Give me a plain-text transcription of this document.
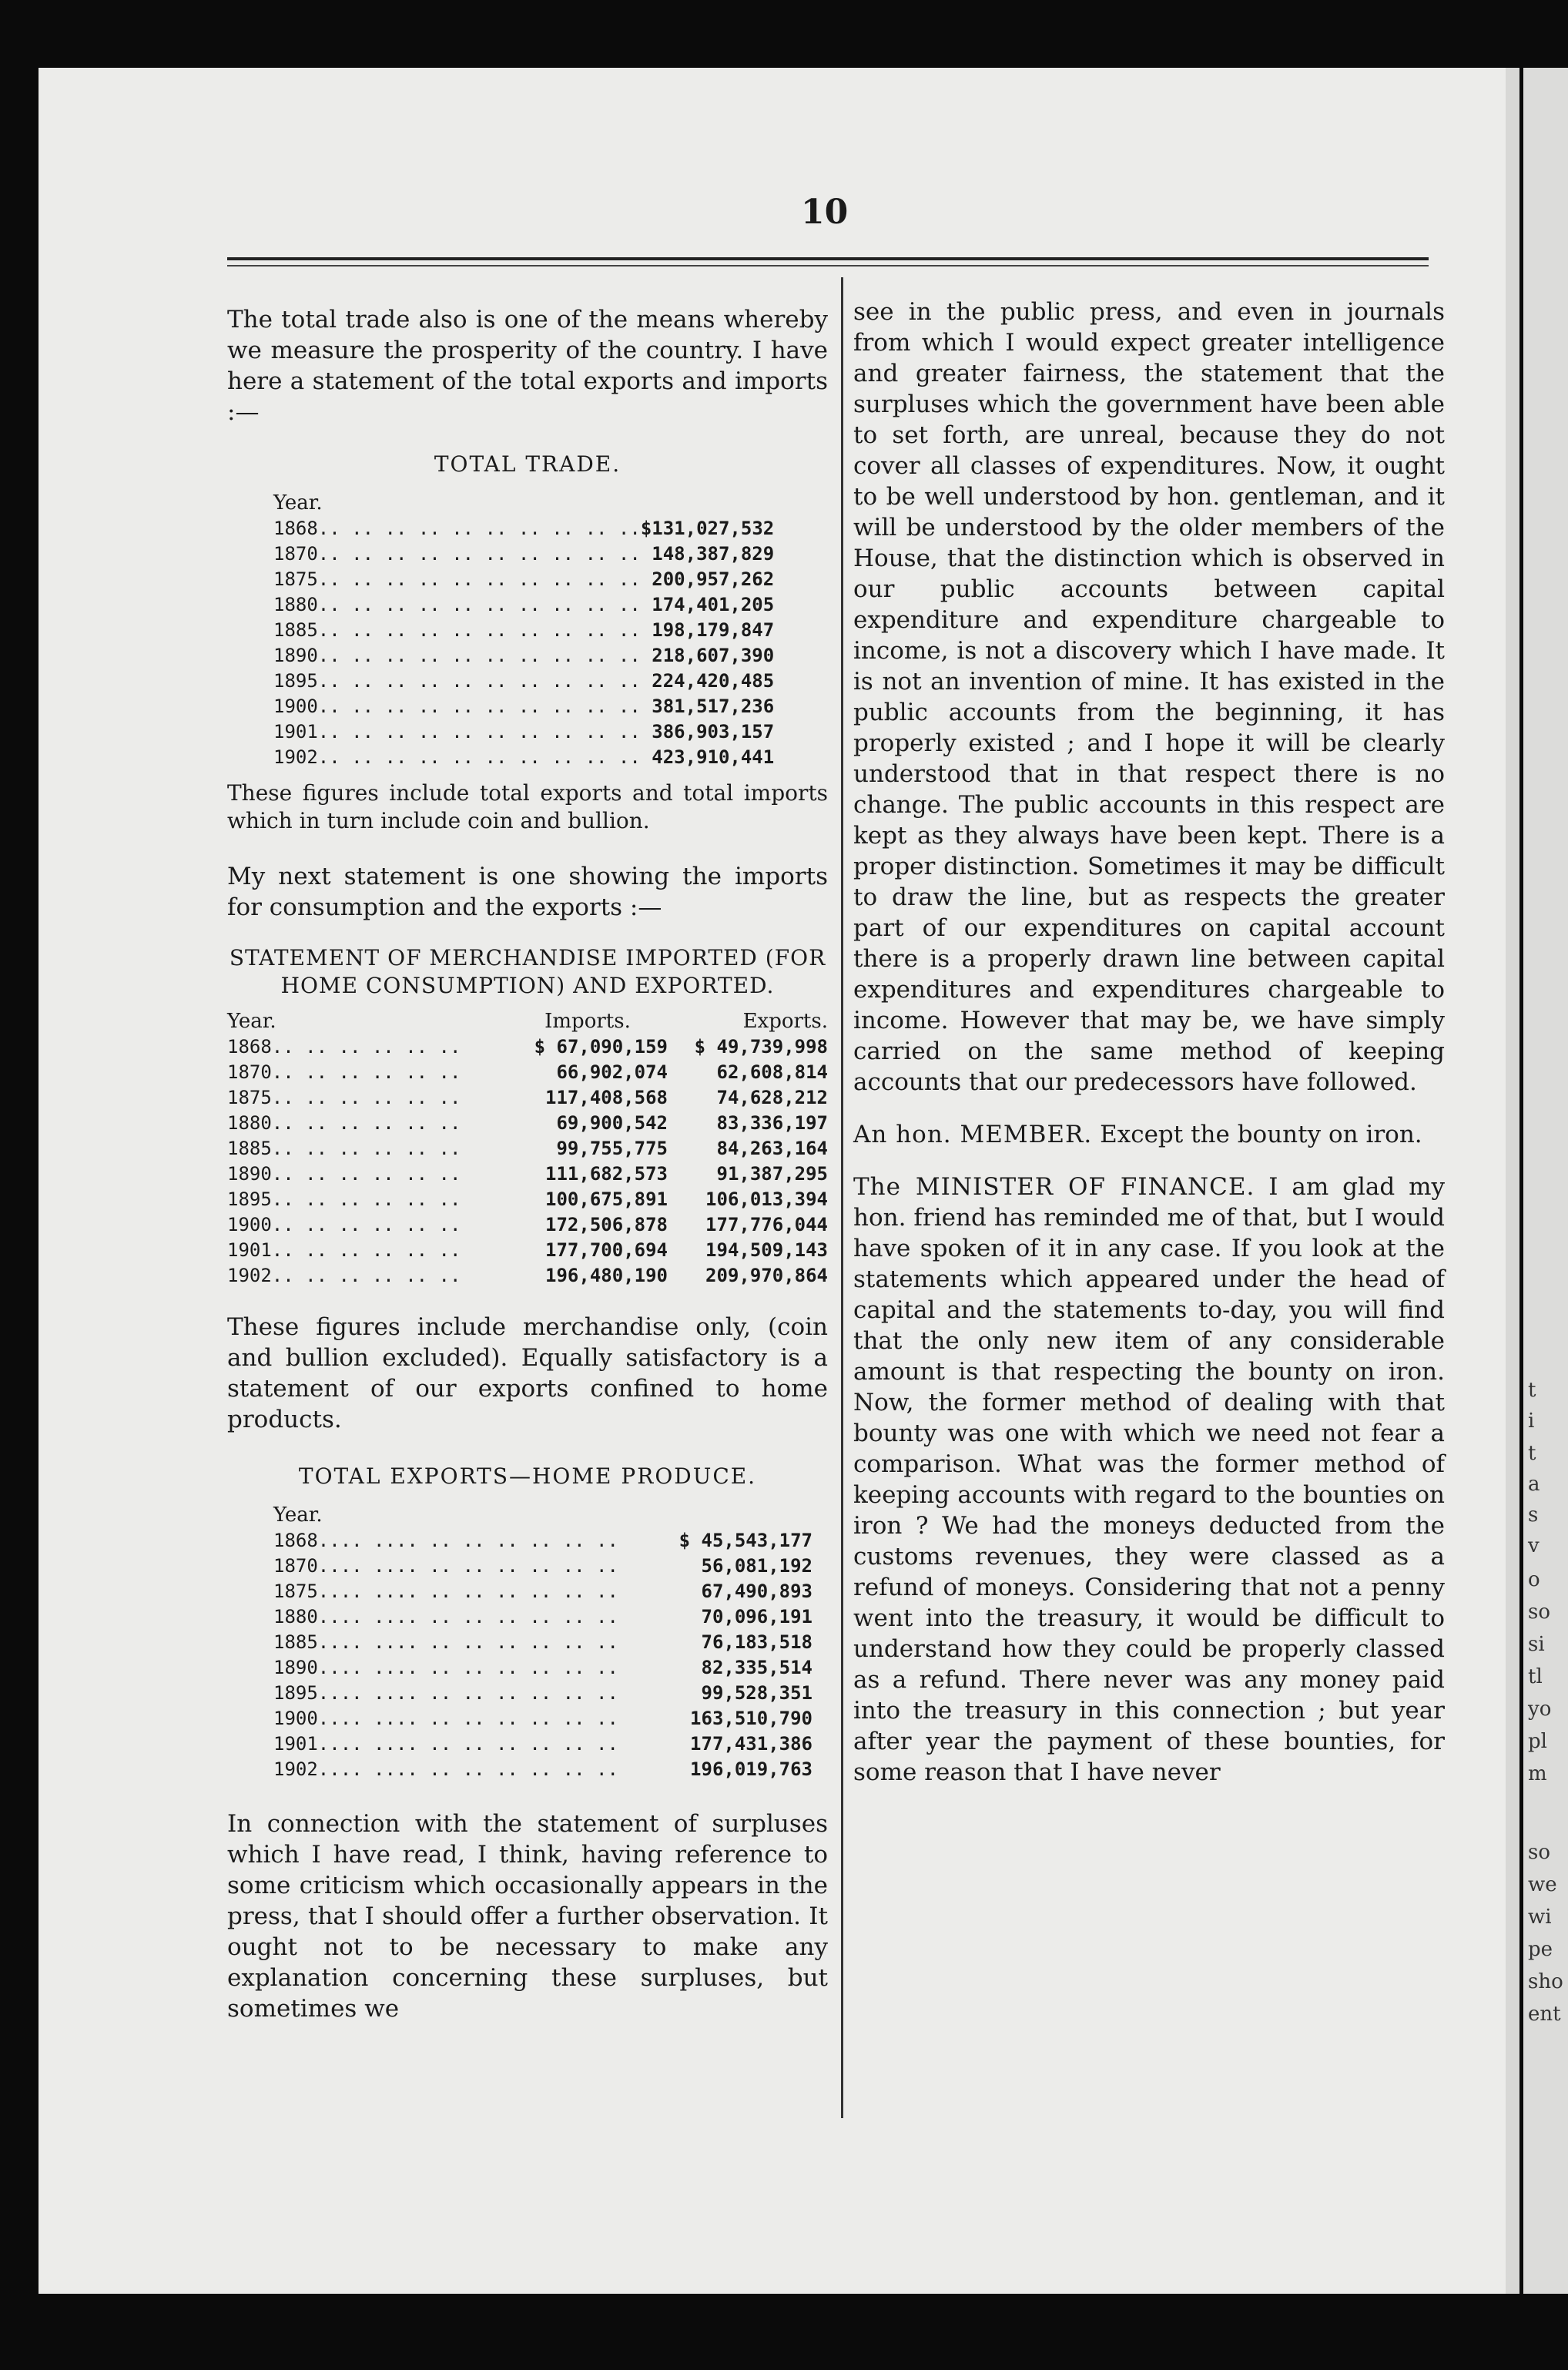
t
i
t
a
s
v
o
so
si
tl
yo
pl
m
so
we
wi
pe
sho
ent
10

The total trade also is one of the means whereby we measure the prosperity of the country. I have here a statement of the total exports and imports :—

TOTAL TRADE.
Year.	
1868.. .. .. .. .. .. .. .. .. ..	$131,027,532
1870.. .. .. .. .. .. .. .. .. ..	148,387,829
1875.. .. .. .. .. .. .. .. .. ..	200,957,262
1880.. .. .. .. .. .. .. .. .. ..	174,401,205
1885.. .. .. .. .. .. .. .. .. ..	198,179,847
1890.. .. .. .. .. .. .. .. .. ..	218,607,390
1895.. .. .. .. .. .. .. .. .. ..	224,420,485
1900.. .. .. .. .. .. .. .. .. ..	381,517,236
1901.. .. .. .. .. .. .. .. .. ..	386,903,157
1902.. .. .. .. .. .. .. .. .. ..	423,910,441

These figures include total exports and total imports which in turn include coin and bullion.

My next statement is one showing the imports for consumption and the exports :—

STATEMENT OF MERCHANDISE IMPORTED (FOR HOME CONSUMPTION) AND EXPORTED.
Year.	Imports.	Exports.
1868.. .. .. .. .. ..	$ 67,090,159	$ 49,739,998
1870.. .. .. .. .. ..	66,902,074	62,608,814
1875.. .. .. .. .. ..	117,408,568	74,628,212
1880.. .. .. .. .. ..	69,900,542	83,336,197
1885.. .. .. .. .. ..	99,755,775	84,263,164
1890.. .. .. .. .. ..	111,682,573	91,387,295
1895.. .. .. .. .. ..	100,675,891	106,013,394
1900.. .. .. .. .. ..	172,506,878	177,776,044
1901.. .. .. .. .. ..	177,700,694	194,509,143
1902.. .. .. .. .. ..	196,480,190	209,970,864

These figures include merchandise only, (coin and bullion excluded). Equally satisfactory is a statement of our exports confined to home products.

TOTAL EXPORTS—HOME PRODUCE.
Year.	
1868.... .... .. .. .. .. .. ..	$ 45,543,177
1870.... .... .. .. .. .. .. ..	56,081,192
1875.... .... .. .. .. .. .. ..	67,490,893
1880.... .... .. .. .. .. .. ..	70,096,191
1885.... .... .. .. .. .. .. ..	76,183,518
1890.... .... .. .. .. .. .. ..	82,335,514
1895.... .... .. .. .. .. .. ..	99,528,351
1900.... .... .. .. .. .. .. ..	163,510,790
1901.... .... .. .. .. .. .. ..	177,431,386
1902.... .... .. .. .. .. .. ..	196,019,763

In connection with the statement of surpluses which I have read, I think, having reference to some criticism which occasionally appears in the press, that I should offer a further observation. It ought not to be necessary to make any explanation concerning these surpluses, but sometimes we

see in the public press, and even in journals from which I would expect greater intelligence and greater fairness, the statement that the surpluses which the government have been able to set forth, are unreal, because they do not cover all classes of expenditures. Now, it ought to be well understood by hon. gentleman, and it will be understood by the older members of the House, that the distinction which is observed in our public accounts between capital expenditure and expenditure chargeable to income, is not a discovery which I have made. It is not an invention of mine. It has existed in the public accounts from the beginning, it has properly existed ; and I hope it will be clearly understood that in that respect there is no change. The public accounts in this respect are kept as they always have been kept. There is a proper distinction. Sometimes it may be difficult to draw the line, but as respects the greater part of our expenditures on capital account there is a properly drawn line between capital expenditures and expenditures chargeable to income. However that may be, we have simply carried on the same method of keeping accounts that our predecessors have followed.

An hon. MEMBER. Except the bounty on iron.

The MINISTER OF FINANCE. I am glad my hon. friend has reminded me of that, but I would have spoken of it in any case. If you look at the statements which appeared under the head of capital and the statements to-day, you will find that the only new item of any considerable amount is that respecting the bounty on iron. Now, the former method of dealing with that bounty was one with which we need not fear a comparison. What was the former method of keeping accounts with regard to the bounties on iron ? We had the moneys deducted from the customs revenues, they were classed as a refund of moneys. Considering that not a penny went into the treasury, it would be difficult to understand how they could be properly classed as a refund. There never was any money paid into the treasury in this connection ; but year after year the payment of these bounties, for some reason that I have never
